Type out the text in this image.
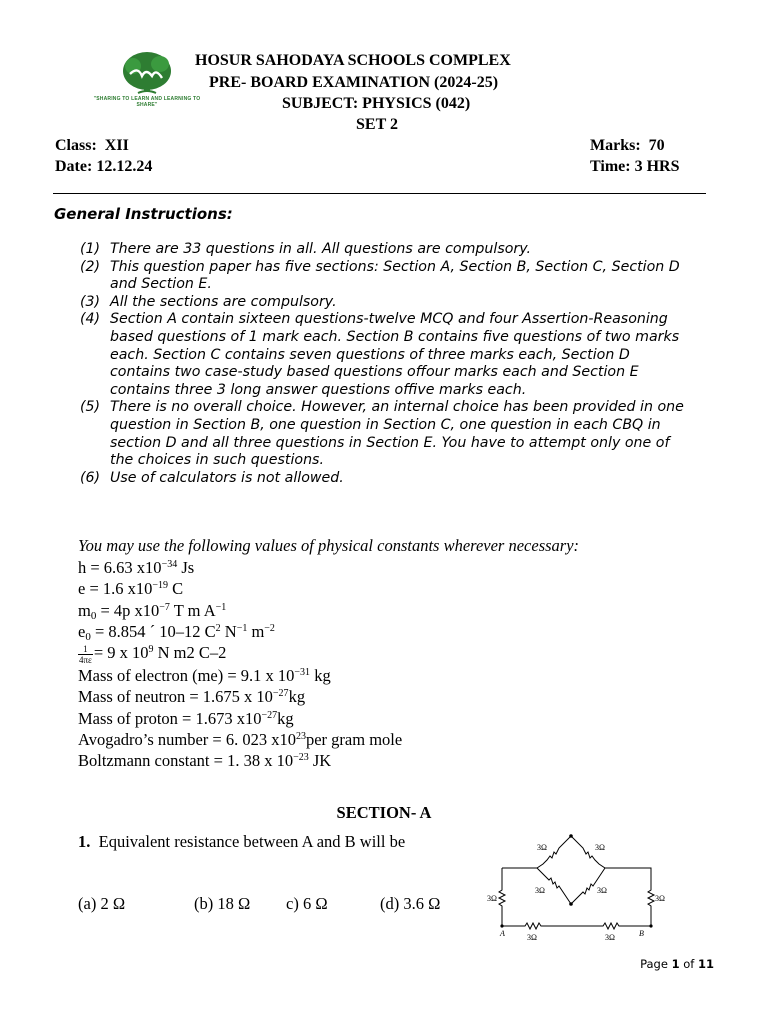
"SHARING TO LEARN AND LEARNING TO SHARE"
HOSUR SAHODAYA SCHOOLS COMPLEX
PRE- BOARD EXAMINATION (2024-25)
SUBJECT: PHYSICS (042)
SET 2
Class: XII
Date: 12.12.24
Marks: 70
Time: 3 HRS
General Instructions:
(1) There are 33 questions in all. All questions are compulsory.
(2) This question paper has five sections: Section A, Section B, Section C, Section D and Section E.
(3) All the sections are compulsory.
(4) Section A contain sixteen questions-twelve MCQ and four Assertion-Reasoning based questions of 1 mark each. Section B contains five questions of two marks each. Section C contains seven questions of three marks each, Section D contains two case-study based questions offour marks each and Section E contains three 3 long answer questions offive marks each.
(5) There is no overall choice. However, an internal choice has been provided in one question in Section B, one question in Section C, one question in each CBQ in section D and all three questions in Section E. You have to attempt only one of the choices in such questions.
(6) Use of calculators is not allowed.
You may use the following values of physical constants wherever necessary:
h = 6.63 $x10^{-34}$ Js
e = 1.6 $x10^{-19}$ C
$m_0 = 4p$ $x10^{-7}$ T m $A^{-1}$
$e_0 = 8.854$ ´ 10–12 $C^2$ $N^{-1}$ $m^{-2}$
$\frac{1}{4\pi\varepsilon} = 9$ x $10^9$ N m2 C–2
Mass of electron (me) = 9.1 x $10^{-31}$ kg
Mass of neutron = 1.675 x $10^{-27}kg$
Mass of proton = 1.673 $x10^{-27}kg$
Avogadro’s number = 6. 023 $x10^{23}per$ gram mole
Boltzmann constant = 1. 38 x $10^{-23}$ JK
SECTION- A
1. Equivalent resistance between A and B will be
(a) 2 Ω	(b) 18 Ω c) 6 Ω	(d) 3.6 Ω
3Ω	3Ω
3Ω	3Ω
3Ω	3Ω
3Ω	3Ω
A	B
Page 1 of 11
